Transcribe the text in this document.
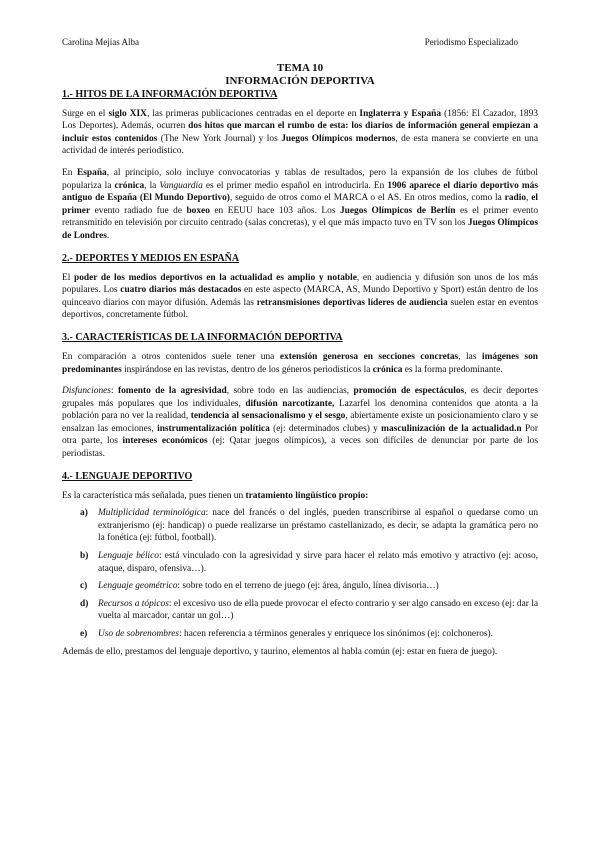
Carolina Mejías Alba	Periodismo Especializado
TEMA 10
INFORMACIÓN DEPORTIVA
1.- HITOS DE LA INFORMACIÓN DEPORTIVA

Surge en el siglo XIX, las primeras publicaciones centradas en el deporte en Inglaterra y España (1856: El Cazador, 1893 Los Deportes). Además, ocurren dos hitos que marcan el rumbo de esta: los diarios de información general empiezan a incluir estos contenidos (The New York Journal) y los Juegos Olímpicos modernos, de esta manera se convierte en una actividad de interés periodístico.

En España, al principio, solo incluye convocatorias y tablas de resultados, pero la expansión de los clubes de fútbol populariza la crónica, la Vanguardia es el primer medio español en introducirla. En 1906 aparece el diario deportivo más antiguo de España (El Mundo Deportivo), seguido de otros como el MARCA o el AS. En otros medios, como la radio, el primer evento radiado fue de boxeo en EEUU hace 103 años. Los Juegos Olímpicos de Berlín es el primer evento retransmitido en televisión por circuito centrado (salas concretas), y el que más impacto tuvo en TV son los Juegos Olímpicos de Londres.

2.- DEPORTES Y MEDIOS EN ESPAÑA

El poder de los medios deportivos en la actualidad es amplio y notable, en audiencia y difusión son unos de los más populares. Los cuatro diarios más destacados en este aspecto (MARCA, AS, Mundo Deportivo y Sport) están dentro de los quinceavo diarios con mayor difusión. Además las retransmisiones deportivas líderes de audiencia suelen estar en eventos deportivos, concretamente fútbol.

3.- CARACTERÍSTICAS DE LA INFORMACIÓN DEPORTIVA

En comparación a otros contenidos suele tener una extensión generosa en secciones concretas, las imágenes son predominantes inspirándose en las revistas, dentro de los géneros periodísticos la crónica es la forma predominante.

Disfunciones: fomento de la agresividad, sobre todo en las audiencias, promoción de espectáculos, es decir deportes grupales más populares que los individuales, difusión narcotizante, Lazarfel los denomina contenidos que atonta a la población para no ver la realidad, tendencia al sensacionalismo y el sesgo, abiertamente existe un posicionamiento claro y se ensalzan las emociones, instrumentalización política (ej: determinados clubes) y masculinización de la actualidad.n Por otra parte, los intereses económicos (ej: Qatar juegos olímpicos), a veces son difíciles de denunciar por parte de los periodistas.

4.- LENGUAJE DEPORTIVO

Es la característica más señalada, pues tienen un tratamiento lingüístico propio:

a)	Multiplicidad terminológica: nace del francés o del inglés, pueden transcribirse al español o quedarse como un extranjerismo (ej: handicap) o puede realizarse un préstamo castellanizado, es decir, se adapta la gramática pero no la fonética (ej: fútbol, football).
b)	Lenguaje bélico: está vinculado con la agresividad y sirve para hacer el relato más emotivo y atractivo (ej: acoso, ataque, disparo, ofensiva…).
c)	Lenguaje geométrico: sobre todo en el terreno de juego (ej: área, ángulo, línea divisoria…)
d)	Recursos a tópicos: el excesivo uso de ella puede provocar el efecto contrario y ser algo cansado en exceso (ej: dar la vuelta al marcador, cantar un gol…)
e)	Uso de sobrenombres: hacen referencia a términos generales y enriquece los sinónimos (ej: colchoneros).

Además de ello, prestamos del lenguaje deportivo, y taurino, elementos al habla común (ej: estar en fuera de juego).
